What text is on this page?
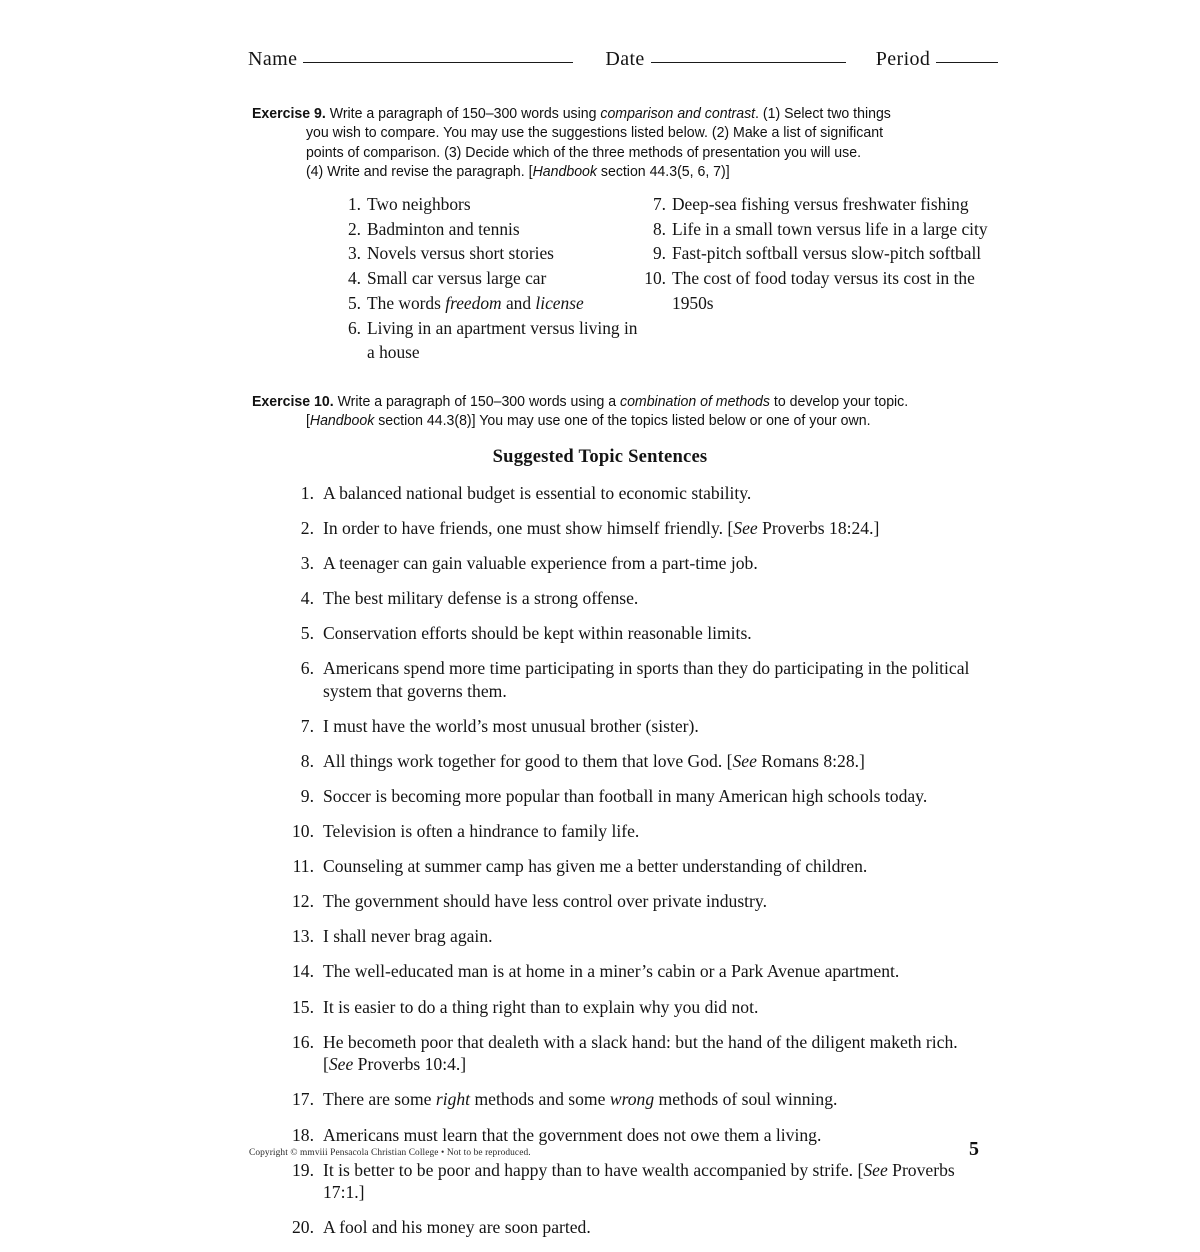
Name	Date	Period
Exercise 9. Write a paragraph of 150–300 words using comparison and contrast. (1) Select two things
you wish to compare. You may use the suggestions listed below. (2) Make a list of significant
points of comparison. (3) Decide which of the three methods of presentation you will use.
(4) Write and revise the paragraph. [Handbook section 44.3(5, 6, 7)]
1. Two neighbors
2. Badminton and tennis
3. Novels versus short stories
4. Small car versus large car
5. The words freedom and license
6. Living in an apartment versus living in a house
7. Deep-sea fishing versus freshwater fishing
8. Life in a small town versus life in a large city
9. Fast-pitch softball versus slow-pitch softball
10. The cost of food today versus its cost in the 1950s
Exercise 10. Write a paragraph of 150–300 words using a combination of methods to develop your topic.
[Handbook section 44.3(8)] You may use one of the topics listed below or one of your own.
Suggested Topic Sentences
1. A balanced national budget is essential to economic stability.
2. In order to have friends, one must show himself friendly. [See Proverbs 18:24.]
3. A teenager can gain valuable experience from a part-time job.
4. The best military defense is a strong offense.
5. Conservation efforts should be kept within reasonable limits.
6. Americans spend more time participating in sports than they do participating in the political system that governs them.
7. I must have the world’s most unusual brother (sister).
8. All things work together for good to them that love God. [See Romans 8:28.]
9. Soccer is becoming more popular than football in many American high schools today.
10. Television is often a hindrance to family life.
11. Counseling at summer camp has given me a better understanding of children.
12. The government should have less control over private industry.
13. I shall never brag again.
14. The well-educated man is at home in a miner’s cabin or a Park Avenue apartment.
15. It is easier to do a thing right than to explain why you did not.
16. He becometh poor that dealeth with a slack hand: but the hand of the diligent maketh rich. [See Proverbs 10:4.]
17. There are some right methods and some wrong methods of soul winning.
18. Americans must learn that the government does not owe them a living.
19. It is better to be poor and happy than to have wealth accompanied by strife. [See Proverbs 17:1.]
20. A fool and his money are soon parted.
Copyright © mmviii Pensacola Christian College • Not to be reproduced.	5
